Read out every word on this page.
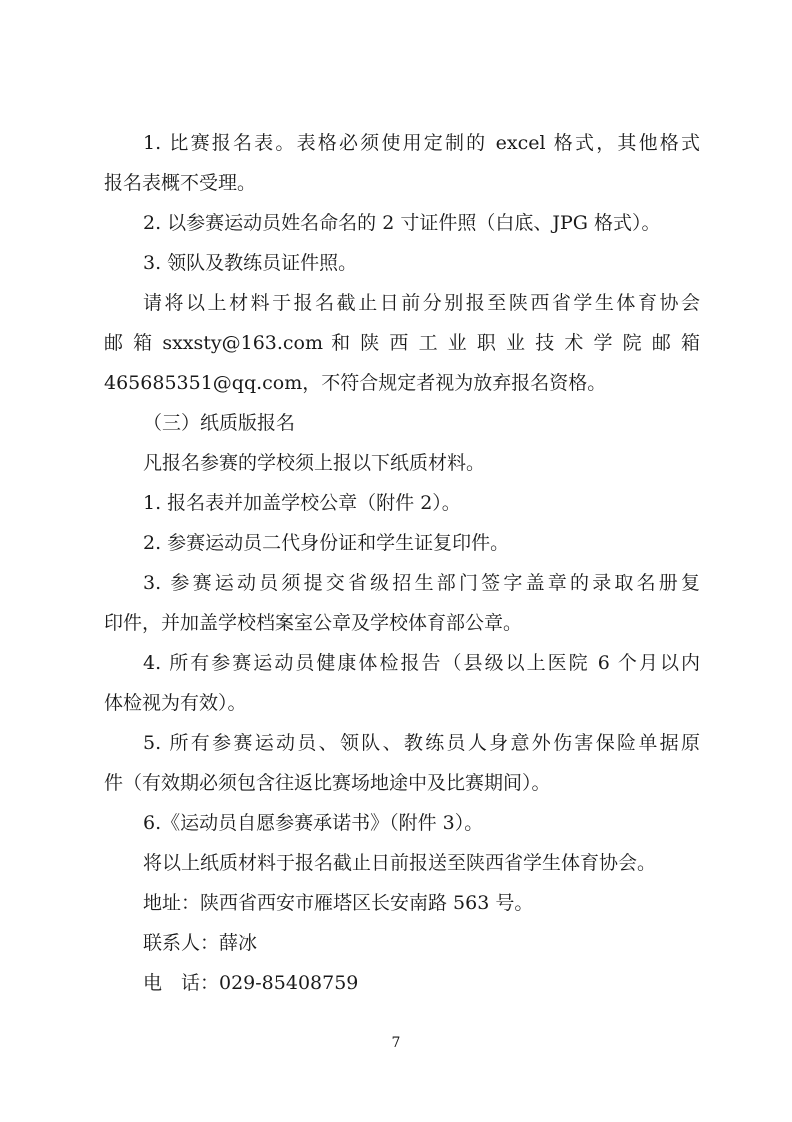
1. 比赛报名表。表格必须使用定制的 excel 格式，其他格式
报名表概不受理。
2. 以参赛运动员姓名命名的 2 寸证件照（白底、JPG 格式）。
3. 领队及教练员证件照。
请将以上材料于报名截止日前分别报至陕西省学生体育协会
邮 箱 sxxsty@163.com 和 陕 西 工 业 职 业 技 术 学 院 邮 箱
465685351@qq.com，不符合规定者视为放弃报名资格。
（三）纸质版报名
凡报名参赛的学校须上报以下纸质材料。
1. 报名表并加盖学校公章（附件 2）。
2. 参赛运动员二代身份证和学生证复印件。
3. 参赛运动员须提交省级招生部门签字盖章的录取名册复
印件，并加盖学校档案室公章及学校体育部公章。
4. 所有参赛运动员健康体检报告（县级以上医院 6 个月以内
体检视为有效）。
5. 所有参赛运动员、领队、教练员人身意外伤害保险单据原
件（有效期必须包含往返比赛场地途中及比赛期间）。
6.《运动员自愿参赛承诺书》（附件 3）。
将以上纸质材料于报名截止日前报送至陕西省学生体育协会。
地址：陕西省西安市雁塔区长安南路 563 号。
联系人：薛冰
电　话：029-85408759
7
